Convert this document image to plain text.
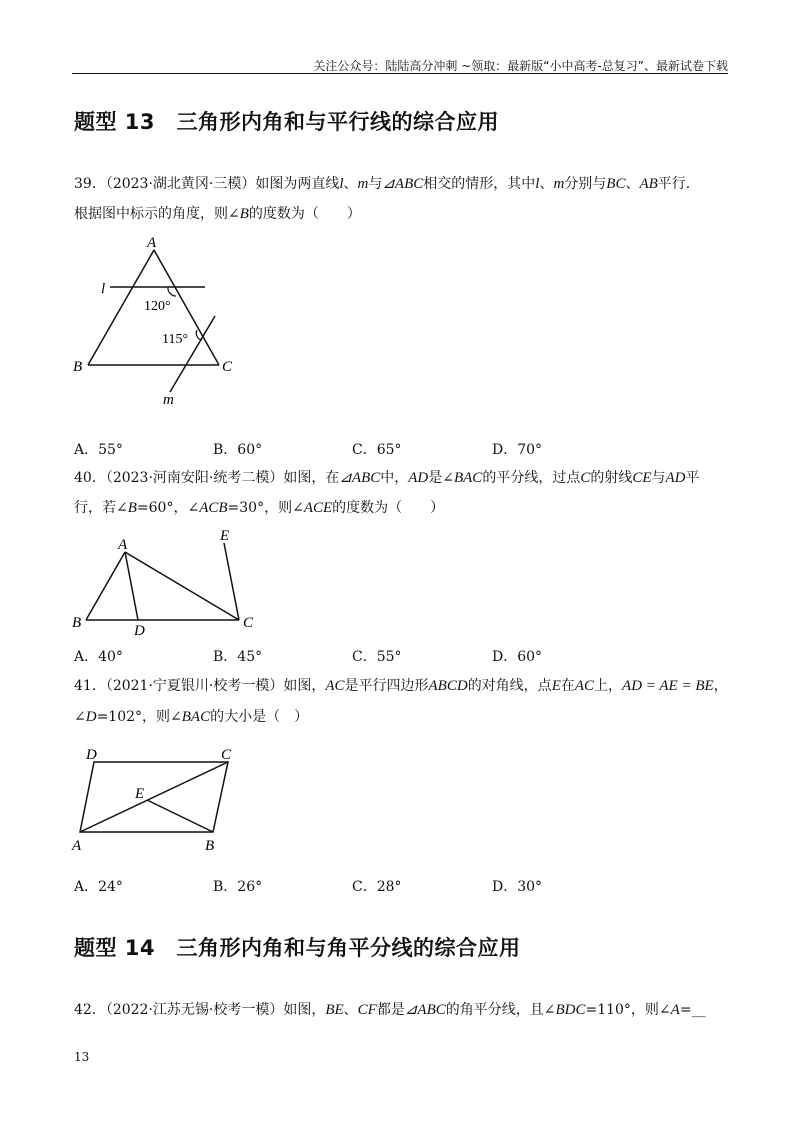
关注公众号：陆陆高分冲刺 ~领取：最新版“小中高考-总复习”、最新试卷下载
题型 13　三角形内角和与平行线的综合应用
39．（2023·湖北黄冈·三模）如图为两直线l、m与⊿ABC相交的情形，其中l、m分别与BC、AB平行．
根据图中标示的角度，则∠B的度数为（　　）
A
B	C
l
m
120°
115°
A．55°	B．60°	C．65°	D．70°
40．（2023·河南安阳·统考二模）如图，在⊿ABC中，AD是∠BAC的平分线，过点C的射线CE与AD平
行，若∠B=60°，∠ACB=30°，则∠ACE的度数为（　　）
A
B	C
D
E
A．40°	B．45°	C．55°	D．60°
41．（2021·宁夏银川·校考一模）如图，AC是平行四边形ABCD的对角线，点E在AC上，AD = AE = BE，
∠D=102°，则∠BAC的大小是（　）
A	B
C
D
E
A．24°	B．26°	C．28°	D．30°
题型 14　三角形内角和与角平分线的综合应用
42．（2022·江苏无锡·校考一模）如图，BE、CF都是⊿ABC的角平分线，且∠BDC=110°，则∠A=__
13
